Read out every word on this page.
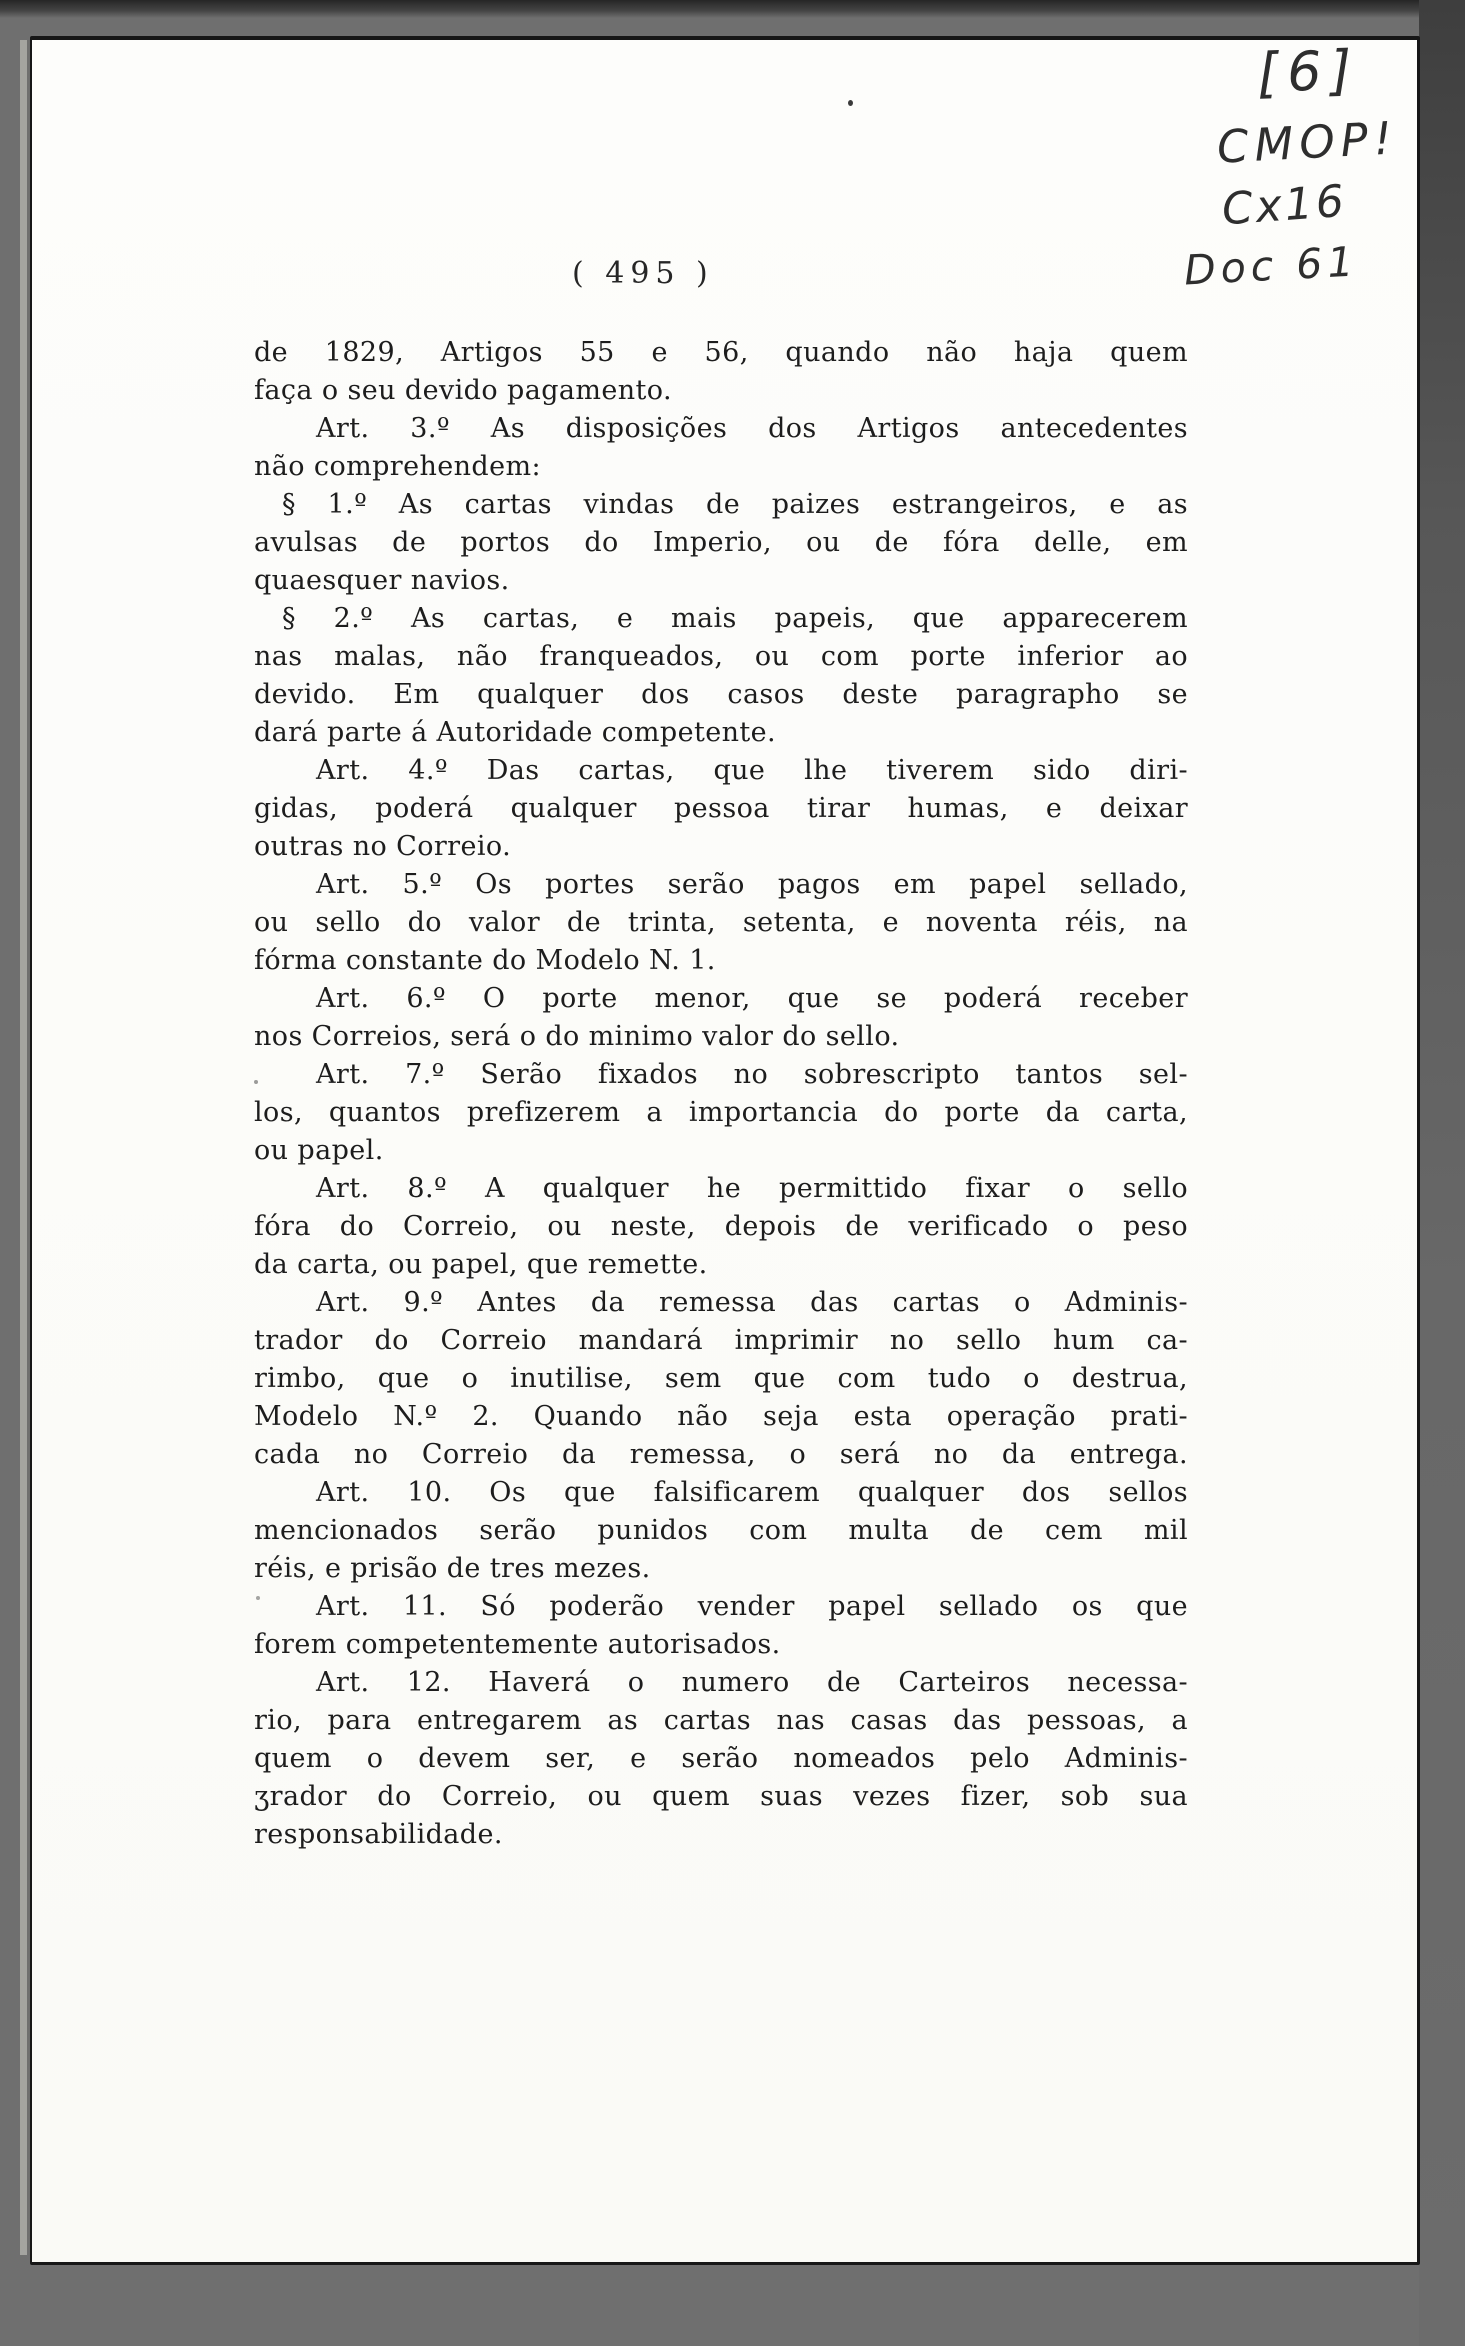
( 495 )
[6]
CMOP!
Cx16
Doc 61
de 1829, Artigos 55 e 56, quando não haja quem
faça o seu devido pagamento.
Art. 3.º As disposições dos Artigos antecedentes
não comprehendem:
§ 1.º As cartas vindas de paizes estrangeiros, e as
avulsas de portos do Imperio, ou de fóra delle, em
quaesquer navios.
§ 2.º As cartas, e mais papeis, que apparecerem
nas malas, não franqueados, ou com porte inferior ao
devido. Em qualquer dos casos deste paragrapho se
dará parte á Autoridade competente.
Art. 4.º Das cartas, que lhe tiverem sido diri-
gidas, poderá qualquer pessoa tirar humas, e deixar
outras no Correio.
Art. 5.º Os portes serão pagos em papel sellado,
ou sello do valor de trinta, setenta, e noventa réis, na
fórma constante do Modelo N. 1.
Art. 6.º O porte menor, que se poderá receber
nos Correios, será o do minimo valor do sello.
Art. 7.º Serão fixados no sobrescripto tantos sel-
los, quantos prefizerem a importancia do porte da carta,
ou papel.
Art. 8.º A qualquer he permittido fixar o sello
fóra do Correio, ou neste, depois de verificado o peso
da carta, ou papel, que remette.
Art. 9.º Antes da remessa das cartas o Adminis-
trador do Correio mandará imprimir no sello hum ca-
rimbo, que o inutilise, sem que com tudo o destrua,
Modelo N.º 2. Quando não seja esta operação prati-
cada no Correio da remessa, o será no da entrega.
Art. 10. Os que falsificarem qualquer dos sellos
mencionados serão punidos com multa de cem mil
réis, e prisão de tres mezes.
Art. 11. Só poderão vender papel sellado os que
forem competentemente autorisados.
Art. 12. Haverá o numero de Carteiros necessa-
rio, para entregarem as cartas nas casas das pessoas, a
quem o devem ser, e serão nomeados pelo Adminis-
ʒrador do Correio, ou quem suas vezes fizer, sob sua
responsabilidade.
